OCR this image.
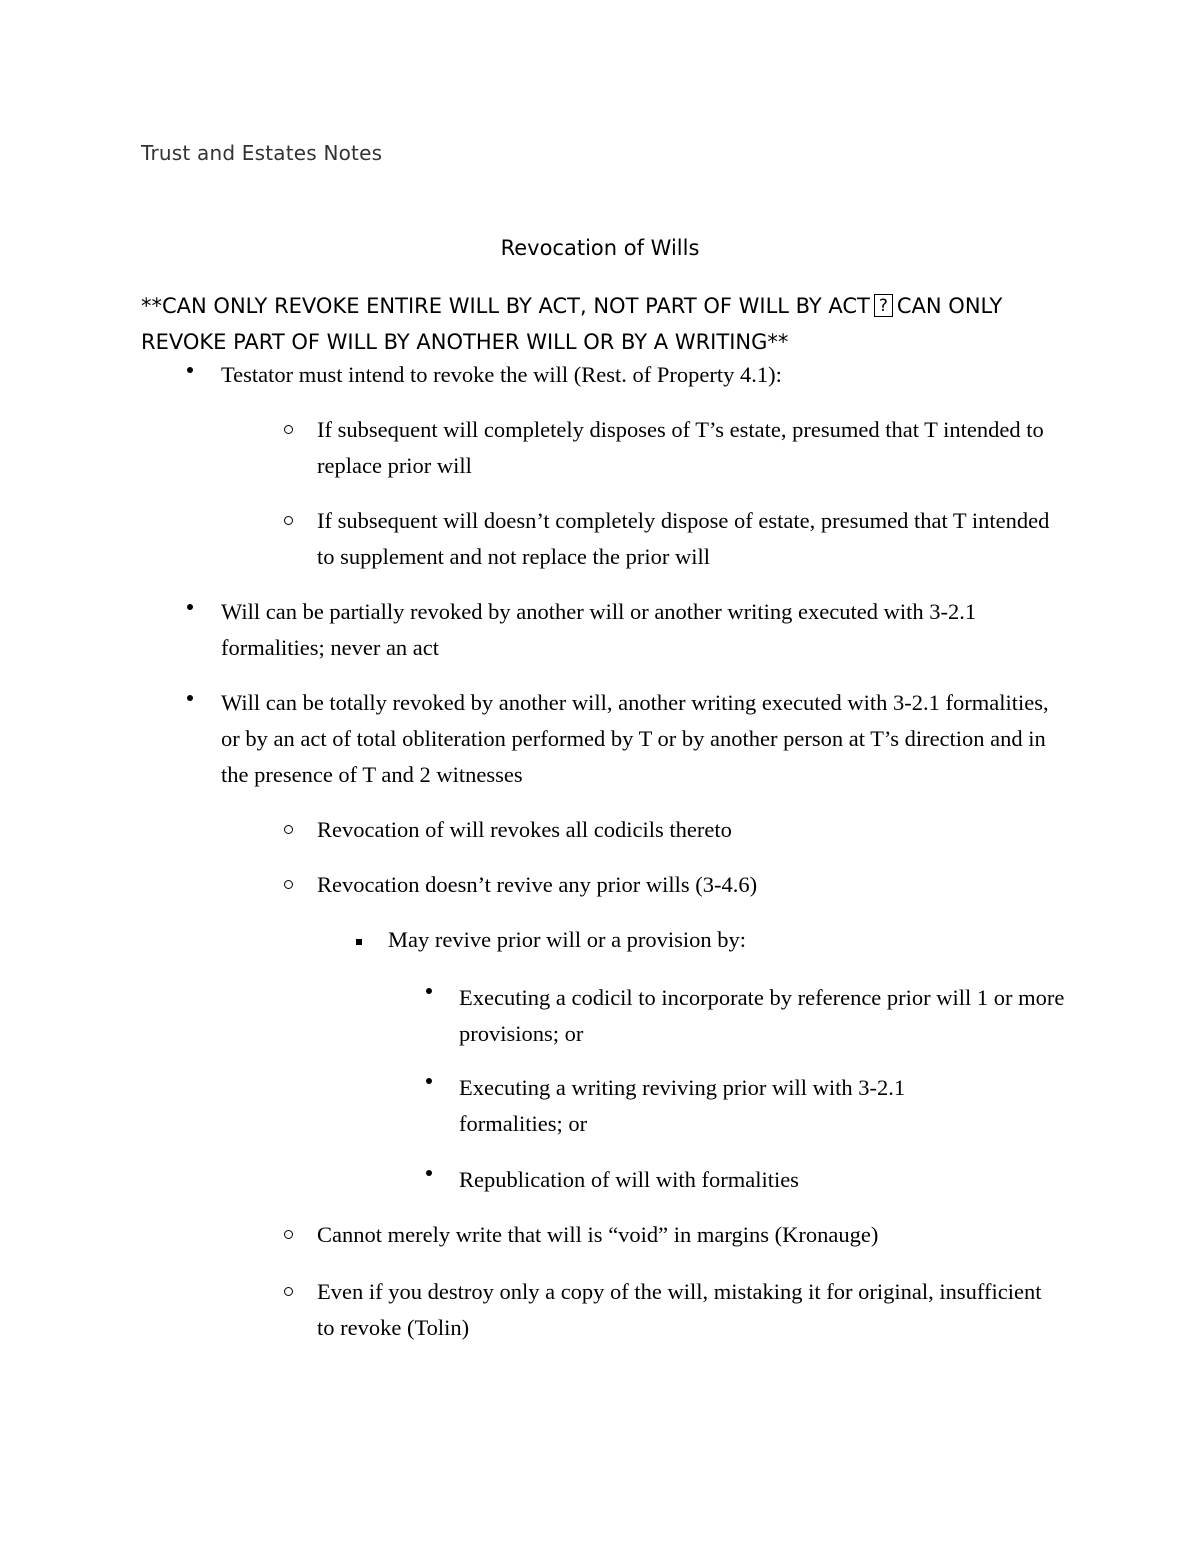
Trust and Estates Notes
Revocation of Wills
**CAN ONLY REVOKE ENTIRE WILL BY ACT, NOT PART OF WILL BY ACT ? CAN ONLY REVOKE PART OF WILL BY ANOTHER WILL OR BY A WRITING**
Testator must intend to revoke the will (Rest. of Property 4.1):
If subsequent will completely disposes of T’s estate, presumed that T intended to replace prior will
If subsequent will doesn’t completely dispose of estate, presumed that T intended to supplement and not replace the prior will
Will can be partially revoked by another will or another writing executed with 3-2.1 formalities; never an act
Will can be totally revoked by another will, another writing executed with 3-2.1 formalities, or by an act of total obliteration performed by T or by another person at T’s direction and in the presence of T and 2 witnesses
Revocation of will revokes all codicils thereto
Revocation doesn’t revive any prior wills (3-4.6)
May revive prior will or a provision by:
Executing a codicil to incorporate by reference prior will 1 or more provisions; or
Executing a writing reviving prior will with 3-2.1 formalities; or
Republication of will with formalities
Cannot merely write that will is “void” in margins (Kronauge)
Even if you destroy only a copy of the will, mistaking it for original, insufficient to revoke (Tolin)
